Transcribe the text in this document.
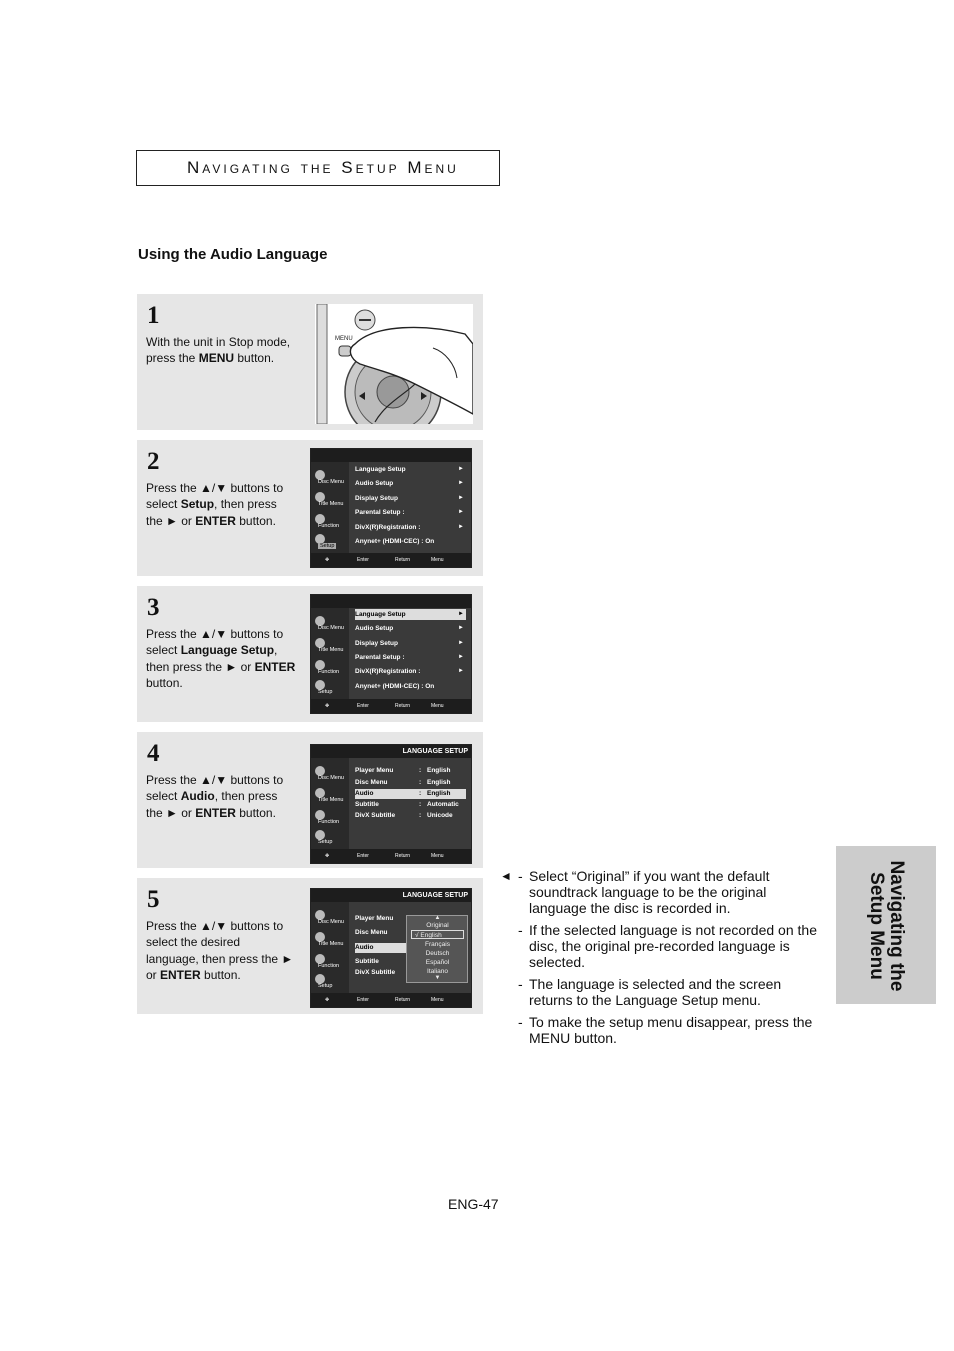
Navigating the Setup Menu
Using the Audio Language
1
With the unit in Stop mode, press the MENU button.
MENU
2
Press the ▲/▼ buttons to select Setup, then press the ► or ENTER button.
Disc Menu
Title Menu
Function
Setup
Language Setup	►
Audio Setup	►
Display Setup	►
Parental Setup :	►
DivX(R)Registration :	►
Anynet+ (HDMI-CEC) : On
✥	Enter	Return	Menu
3
Press the ▲/▼ buttons to select Language Setup, then press the ► or ENTER button.
Disc Menu
Title Menu
Function
Setup
Language Setup	►
Audio Setup	►
Display Setup	►
Parental Setup :	►
DivX(R)Registration :	►
Anynet+ (HDMI-CEC) : On
✥	Enter	Return	Menu
4
Press the ▲/▼ buttons to select Audio, then press the ► or ENTER button.
LANGUAGE SETUP
Disc Menu
Title Menu
Function
Setup
Player Menu	: English
Disc Menu	: English
Audio	: English
Subtitle	: Automatic
DivX Subtitle	: Unicode
✥	Enter	Return	Menu
5
Press the ▲/▼ buttons to select the desired language, then press the ► or ENTER button.
LANGUAGE SETUP
Disc Menu
Title Menu
Function
Setup
Player Menu
Disc Menu
Audio
Subtitle
DivX Subtitle
▲
Original
√ English
Français
Deutsch
Español
Italiano
▼
✥	Enter	Return	Menu
◄ - Select “Original” if you want the default soundtrack language to be the original language the disc is recorded in.
- If the selected language is not recorded on the disc, the original pre-recorded language is selected.
- The language is selected and the screen returns to the Language Setup menu.
- To make the setup menu disappear, press the MENU button.
Navigating the
Setup Menu
ENG-47
